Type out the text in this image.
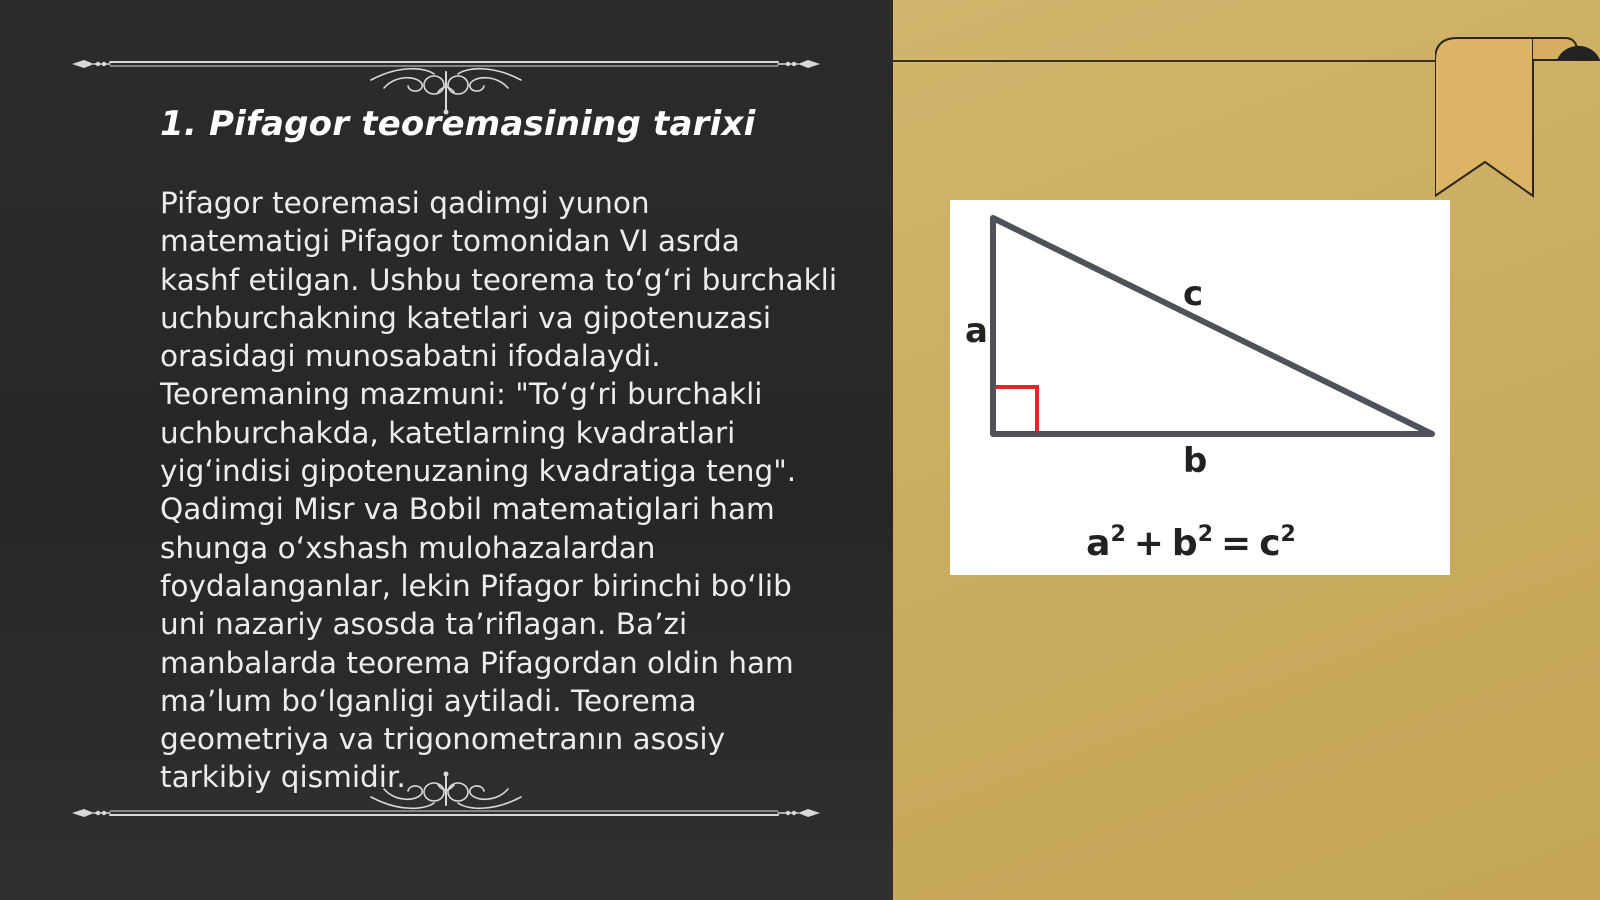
1. Pifagor teoremasining tarixi

Pifagor teoremasi qadimgi yunon
matematigi Pifagor tomonidan VI asrda
kashf etilgan. Ushbu teorema to‘g‘ri burchakli
uchburchakning katetlari va gipotenuzasi
orasidagi munosabatni ifodalaydi.
Teoremaning mazmuni: "To‘g‘ri burchakli
uchburchakda, katetlarning kvadratlari
yig‘indisi gipotenuzaning kvadratiga teng".
Qadimgi Misr va Bobil matematiglari ham
shunga o‘xshash mulohazalardan
foydalanganlar, lekin Pifagor birinchi bo‘lib
uni nazariy asosda ta’riflagan. Ba’zi
manbalarda teorema Pifagordan oldin ham
ma’lum bo‘lganligi aytiladi. Teorema
geometriya va trigonometrаnın asosiy
tarkibiy qismidir.

a
c
b
$a^2 + b^2 = c^2$
